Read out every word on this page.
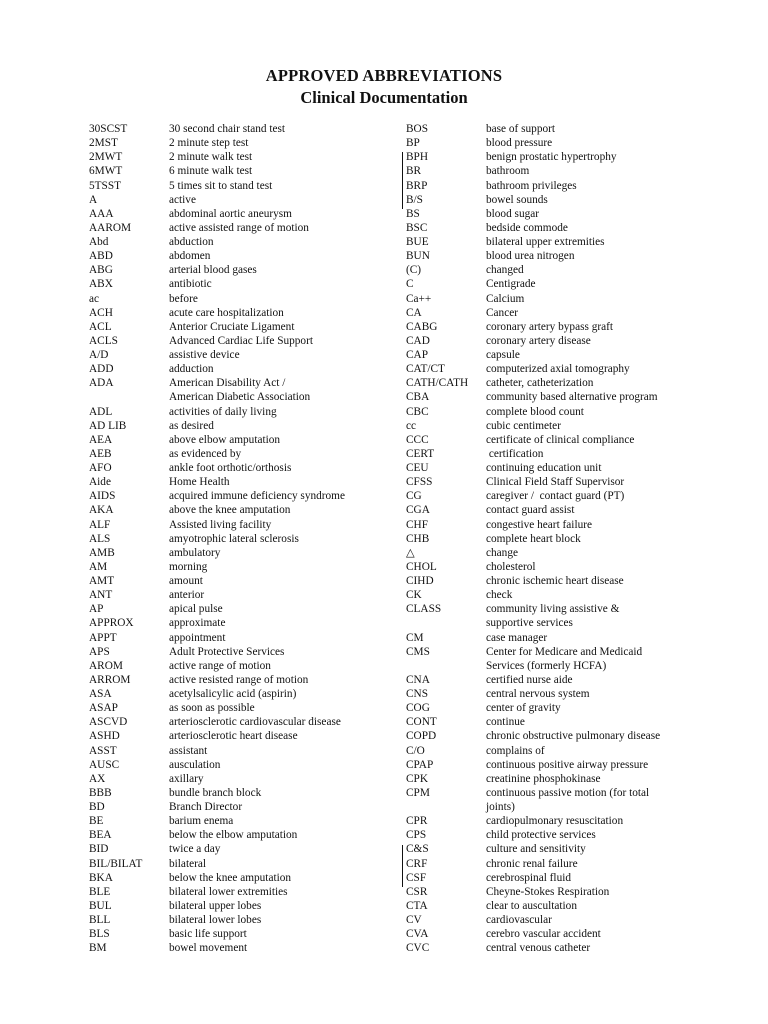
APPROVED ABBREVIATIONS
Clinical Documentation
30SCST	30 second chair stand test
2MST	2 minute step test
2MWT	2 minute walk test
6MWT	6 minute walk test
5TSST	5 times sit to stand test
A	active
AAA	abdominal aortic aneurysm
AAROM	active assisted range of motion
Abd	abduction
ABD	abdomen
ABG	arterial blood gases
ABX	antibiotic
ac	before
ACH	acute care hospitalization
ACL	Anterior Cruciate Ligament
ACLS	Advanced Cardiac Life Support
A/D	assistive device
ADD	adduction
ADA	American Disability Act /
American Diabetic Association
ADL	activities of daily living
AD LIB	as desired
AEA	above elbow amputation
AEB	as evidenced by
AFO	ankle foot orthotic/orthosis
Aide	Home Health
AIDS	acquired immune deficiency syndrome
AKA	above the knee amputation
ALF	Assisted living facility
ALS	amyotrophic lateral sclerosis
AMB	ambulatory
AM	morning
AMT	amount
ANT	anterior
AP	apical pulse
APPROX	approximate
APPT	appointment
APS	Adult Protective Services
AROM	active range of motion
ARROM	active resisted range of motion
ASA	acetylsalicylic acid (aspirin)
ASAP	as soon as possible
ASCVD	arteriosclerotic cardiovascular disease
ASHD	arteriosclerotic heart disease
ASST	assistant
AUSC	ausculation
AX	axillary
BBB	bundle branch block
BD	Branch Director
BE	barium enema
BEA	below the elbow amputation
BID	twice a day
BIL/BILAT	bilateral
BKA	below the knee amputation
BLE	bilateral lower extremities
BUL	bilateral upper lobes
BLL	bilateral lower lobes
BLS	basic life support
BM	bowel movement
BOS	base of support
BP	blood pressure
BPH	benign prostatic hypertrophy
BR	bathroom
BRP	bathroom privileges
B/S	bowel sounds
BS	blood sugar
BSC	bedside commode
BUE	bilateral upper extremities
BUN	blood urea nitrogen
(C)	changed
C	Centigrade
Ca++	Calcium
CA	Cancer
CABG	coronary artery bypass graft
CAD	coronary artery disease
CAP	capsule
CAT/CT	computerized axial tomography
CATH/CATH	catheter, catheterization
CBA	community based alternative program
CBC	complete blood count
cc	cubic centimeter
CCC	certificate of clinical compliance
CERT	certification
CEU	continuing education unit
CFSS	Clinical Field Staff Supervisor
CG	caregiver /  contact guard (PT)
CGA	contact guard assist
CHF	congestive heart failure
CHB	complete heart block
△	change
CHOL	cholesterol
CIHD	chronic ischemic heart disease
CK	check
CLASS	community living assistive &
supportive services
CM	case manager
CMS	Center for Medicare and Medicaid
Services (formerly HCFA)
CNA	certified nurse aide
CNS	central nervous system
COG	center of gravity
CONT	continue
COPD	chronic obstructive pulmonary disease
C/O	complains of
CPAP	continuous positive airway pressure
CPK	creatinine phosphokinase
CPM	continuous passive motion (for total
joints)
CPR	cardiopulmonary resuscitation
CPS	child protective services
C&S	culture and sensitivity
CRF	chronic renal failure
CSF	cerebrospinal fluid
CSR	Cheyne-Stokes Respiration
CTA	clear to auscultation
CV	cardiovascular
CVA	cerebro vascular accident
CVC	central venous catheter
